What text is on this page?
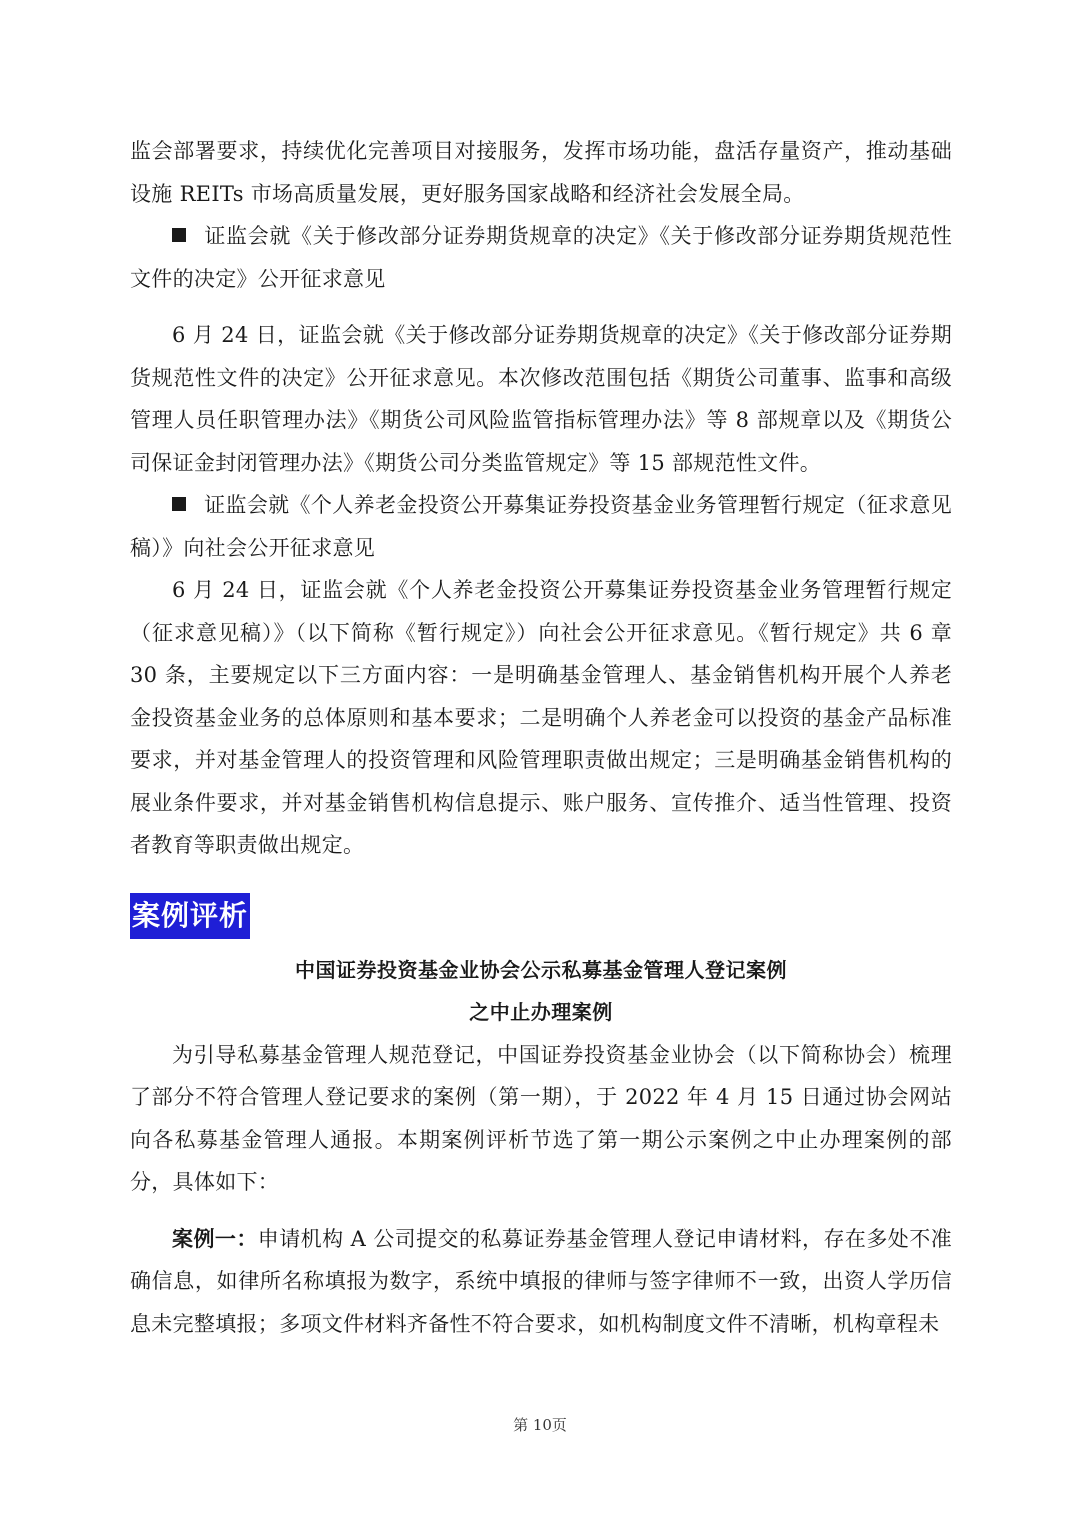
监会部署要求，持续优化完善项目对接服务，发挥市场功能，盘活存量资产，推动基础设施 REITs 市场高质量发展，更好服务国家战略和经济社会发展全局。

证监会就《关于修改部分证券期货规章的决定》《关于修改部分证券期货规范性文件的决定》公开征求意见

6 月 24 日，证监会就《关于修改部分证券期货规章的决定》《关于修改部分证券期货规范性文件的决定》公开征求意见。本次修改范围包括《期货公司董事、监事和高级管理人员任职管理办法》《期货公司风险监管指标管理办法》等 8 部规章以及《期货公司保证金封闭管理办法》《期货公司分类监管规定》等 15 部规范性文件。

证监会就《个人养老金投资公开募集证券投资基金业务管理暂行规定（征求意见稿）》向社会公开征求意见

6 月 24 日，证监会就《个人养老金投资公开募集证券投资基金业务管理暂行规定（征求意见稿）》（以下简称《暂行规定》）向社会公开征求意见。《暂行规定》共 6 章 30 条，主要规定以下三方面内容：一是明确基金管理人、基金销售机构开展个人养老金投资基金业务的总体原则和基本要求；二是明确个人养老金可以投资的基金产品标准要求，并对基金管理人的投资管理和风险管理职责做出规定；三是明确基金销售机构的展业条件要求，并对基金销售机构信息提示、账户服务、宣传推介、适当性管理、投资者教育等职责做出规定。

案例评析

中国证券投资基金业协会公示私募基金管理人登记案例

之中止办理案例

为引导私募基金管理人规范登记，中国证券投资基金业协会（以下简称协会）梳理了部分不符合管理人登记要求的案例（第一期），于 2022 年 4 月 15 日通过协会网站向各私募基金管理人通报。本期案例评析节选了第一期公示案例之中止办理案例的部分，具体如下：

案例一：申请机构 A 公司提交的私募证券基金管理人登记申请材料，存在多处不准确信息，如律所名称填报为数字，系统中填报的律师与签字律师不一致，出资人学历信息未完整填报；多项文件材料齐备性不符合要求，如机构制度文件不清晰，机构章程未

第 10页
